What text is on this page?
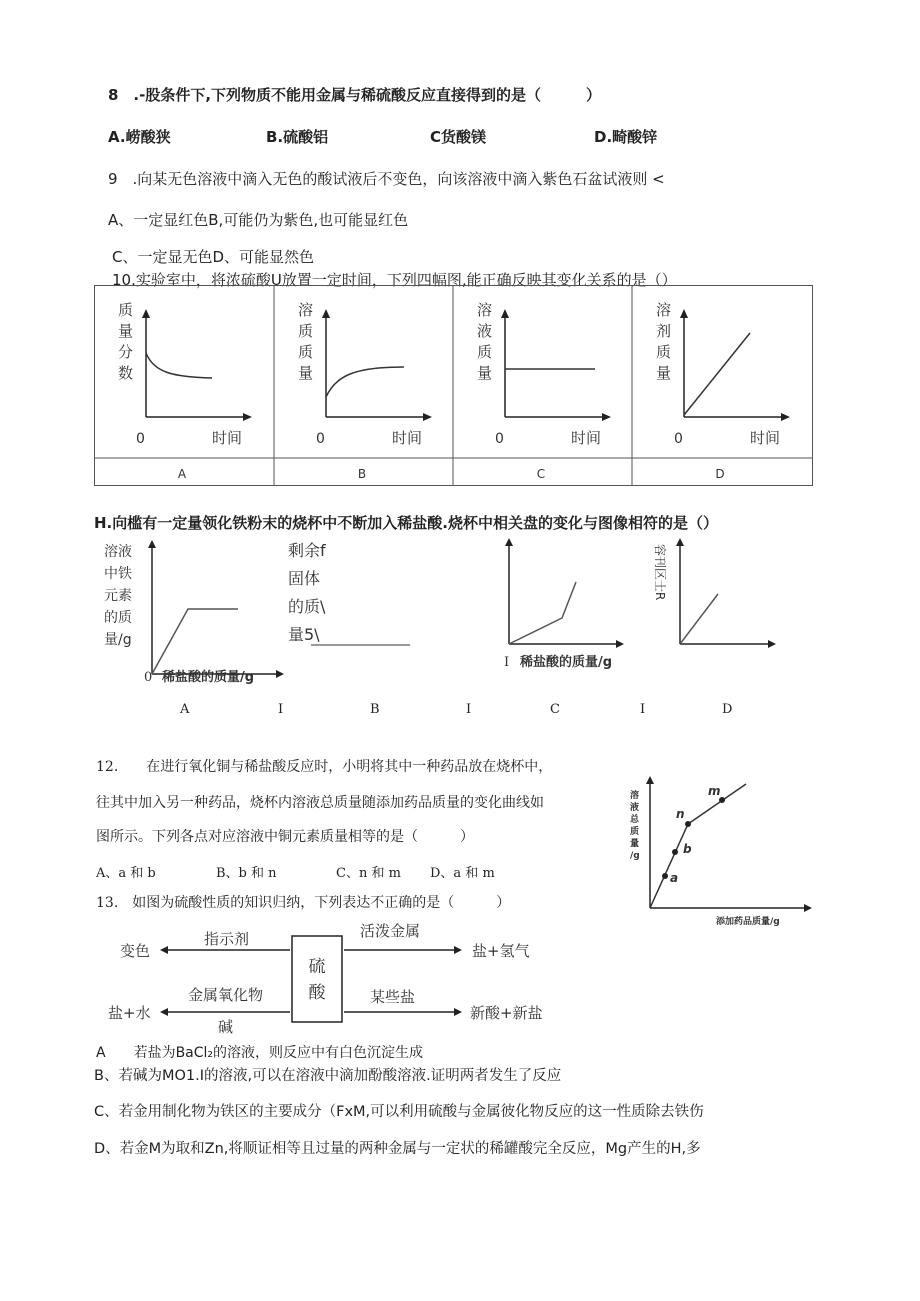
8　.-股条件下,下列物质不能用金属与稀硫酸反应直接得到的是（　　　）
A.崂酸狭	B.硫酸铝	C货酸镁	D.畸酸锌
9　.向某无色溶液中滴入无色的酸试液后不变色，向该溶液中滴入紫色石盆试液则 <
A、一定显红色B,可能仍为紫色,也可能显红色
C、一定显无色D、可能显然色
10.实验室中，将浓硫酸U放置一定时间，下列四幅图,能正确反映其变化关系的是（）
质
量
分
数
0	时间
A
溶
质
质
量
0	时间
B
溶
液
质
量
0	时间
C
溶
剂
质
量
0	时间
D
H.向槛有一定量领化铁粉末的烧杯中不断加入稀盐酸.烧杯中相关盘的变化与图像相符的是（）
溶液
中铁
元素
的质
量/g
0 稀盐酸的质量/g
剩余f
固体
的质\
量5\
I 稀盐酸的质量/g
容刊区士R
A	I	B	I	C	I	D
12.　　在进行氧化铜与稀盐酸反应时，小明将其中一种药品放在烧杯中，
往其中加入另一种药品，烧杯内溶液总质量随添加药品质量的变化曲线如
图所示。下列各点对应溶液中铜元素质量相等的是（　　　）
A、a 和 b	B、b 和 n	C、n 和 m D、a 和 m	a
b
n
m
溶
液
总
质
量
/g
添加药品质量/g
13.　如图为硫酸性质的知识归纳，下列表达不正确的是（　　　）
硫
酸
指示剂
变色
活泼金属
盐+氢气
金属氧化物
盐+水
碱
某些盐
新酸+新盐
A　　若盐为BaCl₂的溶液，则反应中有白色沉淀生成
B、若碱为MO1.I的溶液,可以在溶液中滴加酚酸溶液.证明两者发生了反应
C、若金用制化物为铁区的主要成分（FxM,可以利用硫酸与金属彼化物反应的这一性质除去铁伤
D、若金M为取和Zn,将顺证相等且过量的两种金属与一定状的稀罐酸完全反应，Mg产生的H,多
